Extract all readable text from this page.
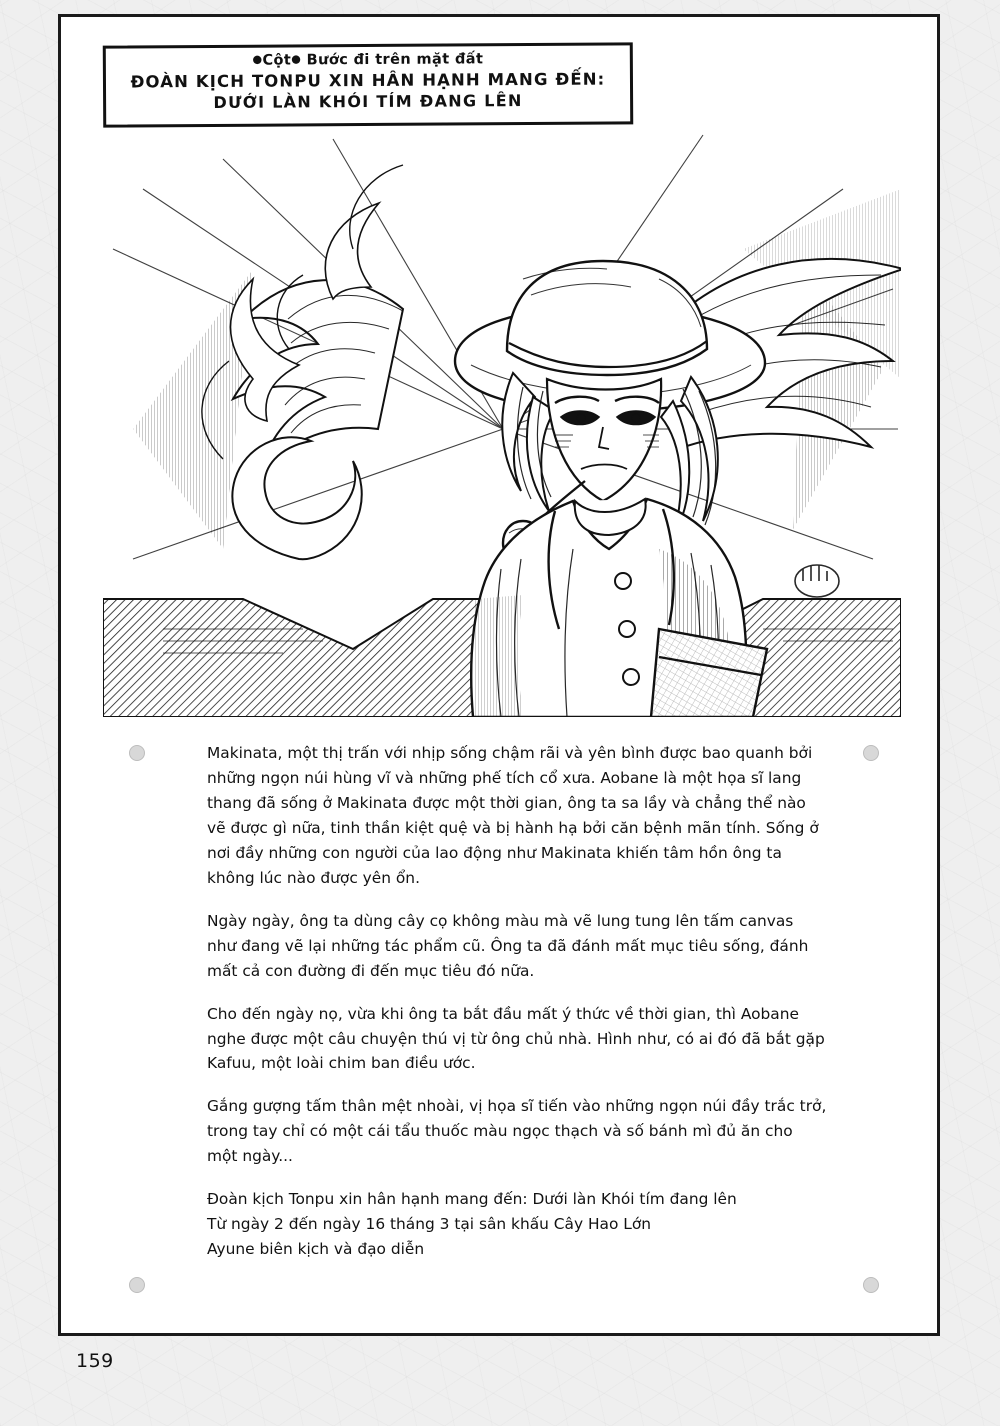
●Cột● Bước đi trên mặt đất
ĐOÀN KỊCH TONPU XIN HÂN HẠNH MANG ĐẾN:
DƯỚI LÀN KHÓI TÍM ĐANG LÊN

Makinata, một thị trấn với nhịp sống chậm rãi và yên bình được bao quanh bởi những ngọn núi hùng vĩ và những phế tích cổ xưa. Aobane là một họa sĩ lang thang đã sống ở Makinata được một thời gian, ông ta sa lầy và chẳng thể nào vẽ được gì nữa, tinh thần kiệt quệ và bị hành hạ bởi căn bệnh mãn tính. Sống ở nơi đầy những con người của lao động như Makinata khiến tâm hồn ông ta không lúc nào được yên ổn.

Ngày ngày, ông ta dùng cây cọ không màu mà vẽ lung tung lên tấm canvas như đang vẽ lại những tác phẩm cũ. Ông ta đã đánh mất mục tiêu sống, đánh mất cả con đường đi đến mục tiêu đó nữa.

Cho đến ngày nọ, vừa khi ông ta bắt đầu mất ý thức về thời gian, thì Aobane nghe được một câu chuyện thú vị từ ông chủ nhà. Hình như, có ai đó đã bắt gặp Kafuu, một loài chim ban điều ước.

Gắng gượng tấm thân mệt nhoài, vị họa sĩ tiến vào những ngọn núi đầy trắc trở, trong tay chỉ có một cái tẩu thuốc màu ngọc thạch và số bánh mì đủ ăn cho một ngày...

Đoàn kịch Tonpu xin hân hạnh mang đến: Dưới làn Khói tím đang lên
Từ ngày 2 đến ngày 16 tháng 3 tại sân khấu Cây Hao Lớn
Ayune biên kịch và đạo diễn

159
